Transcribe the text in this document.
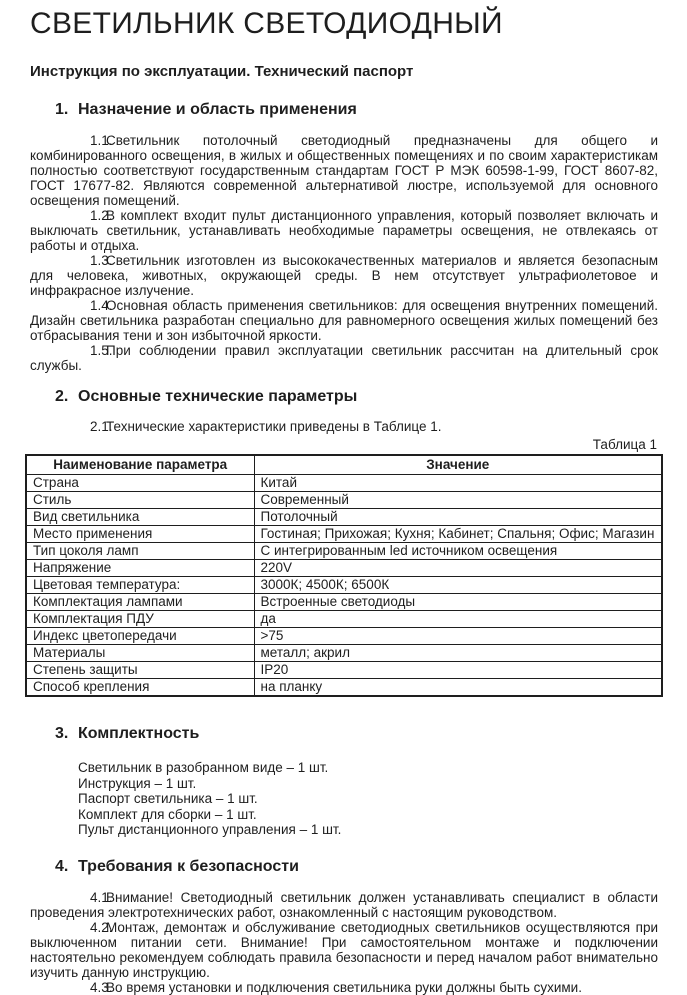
СВЕТИЛЬНИК СВЕТОДИОДНЫЙ
Инструкция по эксплуатации. Технический паспорт
1. Назначение и область применения

1.1.Светильник потолочный светодиодный предназначены для общего и комбинированного освещения, в жилых и общественных помещениях и по своим характеристикам полностью соответствуют государственным стандартам ГОСТ Р МЭК 60598-1-99, ГОСТ 8607-82, ГОСТ 17677-82. Являются современной альтернативой люстре, используемой для основного освещения помещений.

1.2.В комплект входит пульт дистанционного управления, который позволяет включать и выключать светильник, устанавливать необходимые параметры освещения, не отвлекаясь от работы и отдыха.

1.3.Светильник изготовлен из высококачественных материалов и является безопасным для человека, животных, окружающей среды. В нем отсутствует ультрафиолетовое и инфракрасное излучение.

1.4.Основная область применения светильников: для освещения внутренних помещений. Дизайн светильника разработан специально для равномерного освещения жилых помещений без отбрасывания тени и зон избыточной яркости.

1.5.При соблюдении правил эксплуатации светильник рассчитан на длительный срок службы.

2. Основные технические параметры

2.1.Технические характеристики приведены в Таблице 1.

Таблица 1
Наименование параметра	Значение
Страна	Китай
Стиль	Современный
Вид светильника	Потолочный
Место применения	Гостиная; Прихожая; Кухня; Кабинет; Спальня; Офис; Магазин
Тип цоколя ламп	С интегрированным led источником освещения
Напряжение	220V
Цветовая температура:	3000К; 4500К; 6500К
Комплектация лампами	Встроенные светодиоды
Комплектация ПДУ	да
Индекс цветопередачи	>75
Материалы	металл; акрил
Степень защиты	IP20
Способ крепления	на планку
3. Комплектность
Светильник в разобранном виде – 1 шт.
Инструкция – 1 шт.
Паспорт светильника – 1 шт.
Комплект для сборки – 1 шт.
Пульт дистанционного управления – 1 шт.
4. Требования к безопасности

4.1.Внимание! Светодиодный светильник должен устанавливать специалист в области проведения электротехнических работ, ознакомленный с настоящим руководством.

4.2.Монтаж, демонтаж и обслуживание светодиодных светильников осуществляются при выключенном питании сети. Внимание! При самостоятельном монтаже и подключении настоятельно рекомендуем соблюдать правила безопасности и перед началом работ внимательно изучить данную инструкцию.

4.3.Во время установки и подключения светильника руки должны быть сухими.
